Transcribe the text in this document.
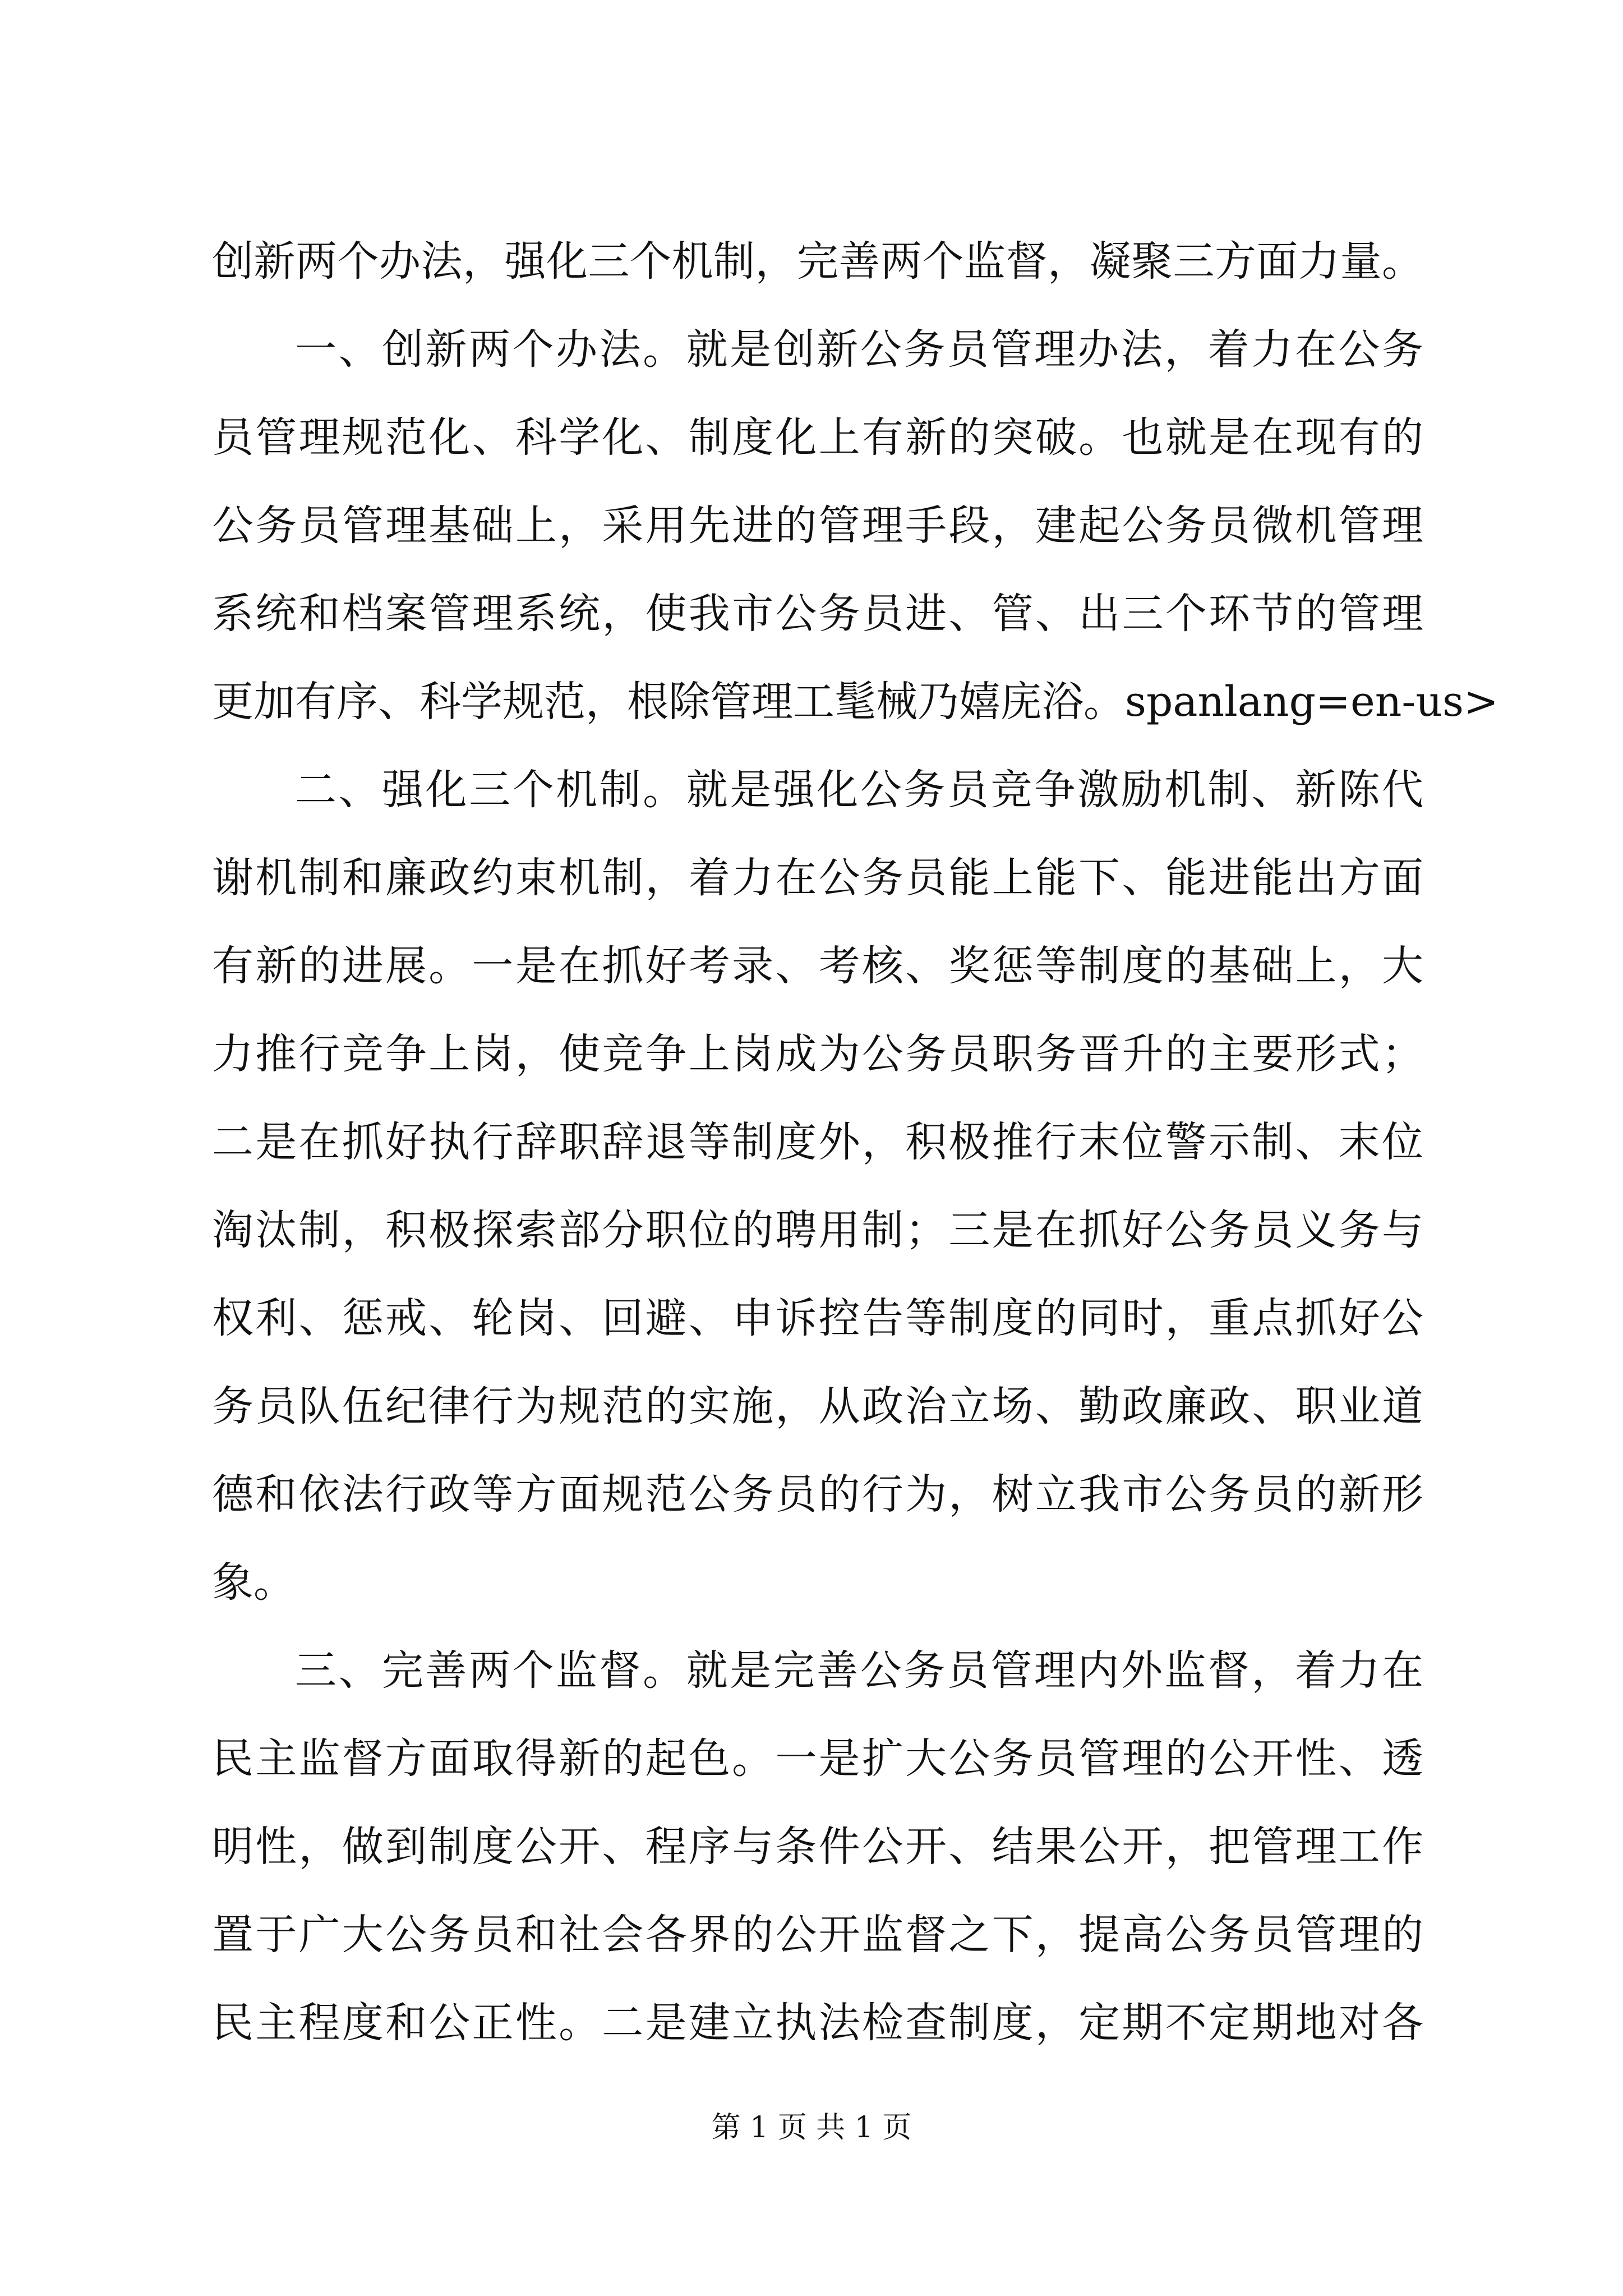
创新两个办法，强化三个机制，完善两个监督，凝聚三方面力量。
一、创新两个办法。就是创新公务员管理办法，着力在公务
员管理规范化、科学化、制度化上有新的突破。也就是在现有的
公务员管理基础上，采用先进的管理手段，建起公务员微机管理
系统和档案管理系统，使我市公务员进、管、出三个环节的管理
更加有序、科学规范，根除管理工髦械乃嬉庑浴。spanlang=en-us>
二、强化三个机制。就是强化公务员竞争激励机制、新陈代
谢机制和廉政约束机制，着力在公务员能上能下、能进能出方面
有新的进展。一是在抓好考录、考核、奖惩等制度的基础上，大
力推行竞争上岗，使竞争上岗成为公务员职务晋升的主要形式；
二是在抓好执行辞职辞退等制度外，积极推行末位警示制、末位
淘汰制，积极探索部分职位的聘用制；三是在抓好公务员义务与
权利、惩戒、轮岗、回避、申诉控告等制度的同时，重点抓好公
务员队伍纪律行为规范的实施，从政治立场、勤政廉政、职业道
德和依法行政等方面规范公务员的行为，树立我市公务员的新形
象。
三、完善两个监督。就是完善公务员管理内外监督，着力在
民主监督方面取得新的起色。一是扩大公务员管理的公开性、透
明性，做到制度公开、程序与条件公开、结果公开，把管理工作
置于广大公务员和社会各界的公开监督之下，提高公务员管理的
民主程度和公正性。二是建立执法检查制度，定期不定期地对各
第 1 页 共 1 页
